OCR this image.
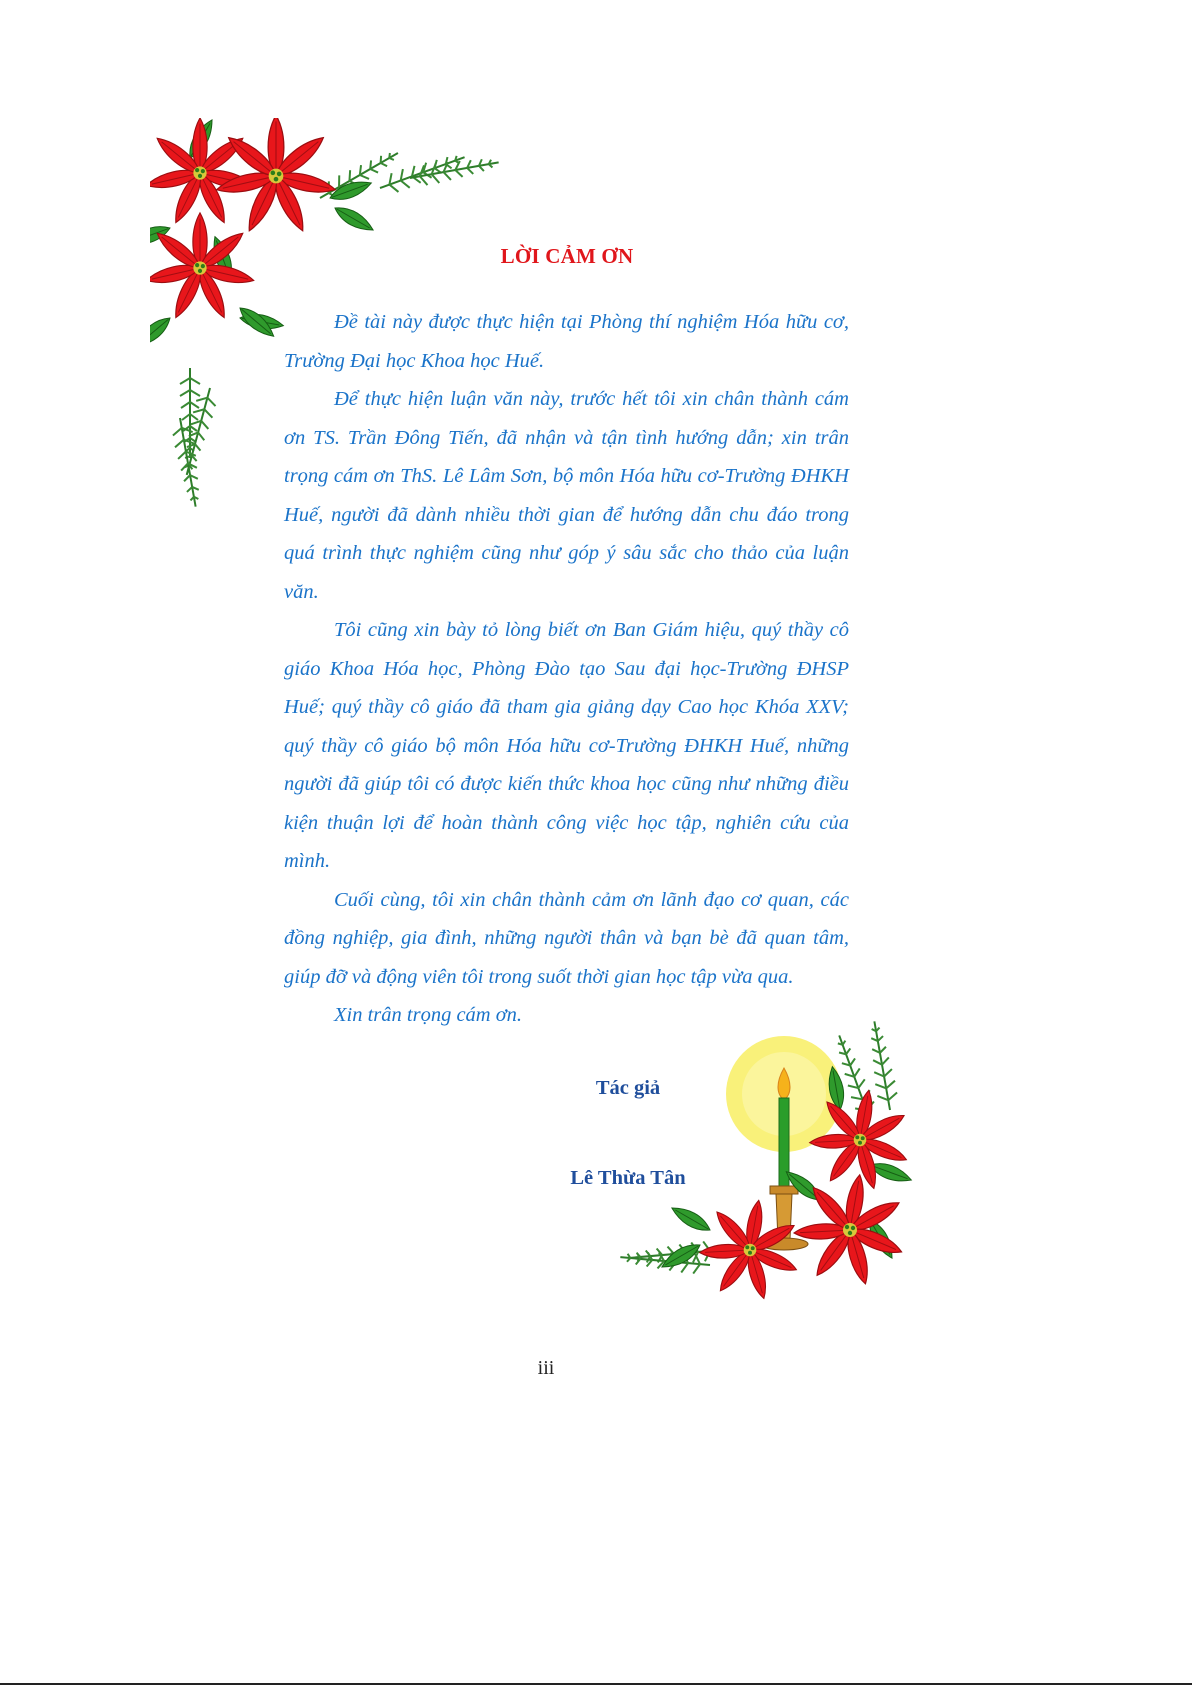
LỜI CẢM ƠN

Đề tài này được thực hiện tại Phòng thí nghiệm Hóa hữu cơ, Trường Đại học Khoa học Huế.

Để thực hiện luận văn này, trước hết tôi xin chân thành cám ơn TS. Trần Đông Tiến, đã nhận và tận tình hướng dẫn; xin trân trọng cám ơn ThS. Lê Lâm Sơn, bộ môn Hóa hữu cơ-Trường ĐHKH Huế, người đã dành nhiều thời gian để hướng dẫn chu đáo trong quá trình thực nghiệm cũng như góp ý sâu sắc cho thảo của luận văn.

Tôi cũng xin bày tỏ lòng biết ơn Ban Giám hiệu, quý thầy cô giáo Khoa Hóa học, Phòng Đào tạo Sau đại học-Trường ĐHSP Huế; quý thầy cô giáo đã tham gia giảng dạy Cao học Khóa XXV; quý thầy cô giáo bộ môn Hóa hữu cơ-Trường ĐHKH Huế, những người đã giúp tôi có được kiến thức khoa học cũng như những điều kiện thuận lợi để hoàn thành công việc học tập, nghiên cứu của mình.

Cuối cùng, tôi xin chân thành cảm ơn lãnh đạo cơ quan, các đồng nghiệp, gia đình, những người thân và bạn bè đã quan tâm, giúp đỡ và động viên tôi trong suốt thời gian học tập vừa qua.

Xin trân trọng cám ơn.

Tác giả
Lê Thừa Tân
iii
